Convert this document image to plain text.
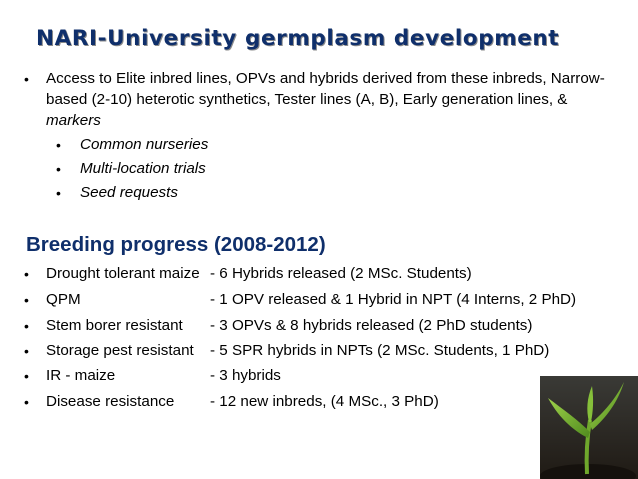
NARI-University germplasm development
• Access to Elite inbred lines, OPVs and hybrids derived from these inbreds, Narrow-based (2-10) heterotic synthetics, Tester lines (A, B), Early generation lines, & markers
• Common nurseries
• Multi-location trials
• Seed requests
Breeding progress (2008-2012)
• Drought tolerant maize - 6 Hybrids released (2 MSc. Students)
• QPM	- 1 OPV released & 1 Hybrid in NPT (4 Interns, 2 PhD)
• Stem borer resistant - 3 OPVs & 8 hybrids released (2 PhD students)
• Storage pest resistant - 5 SPR hybrids in NPTs (2 MSc. Students, 1 PhD)
• IR - maize	- 3 hybrids
• Disease resistance - 12 new inbreds, (4 MSc., 3 PhD)
